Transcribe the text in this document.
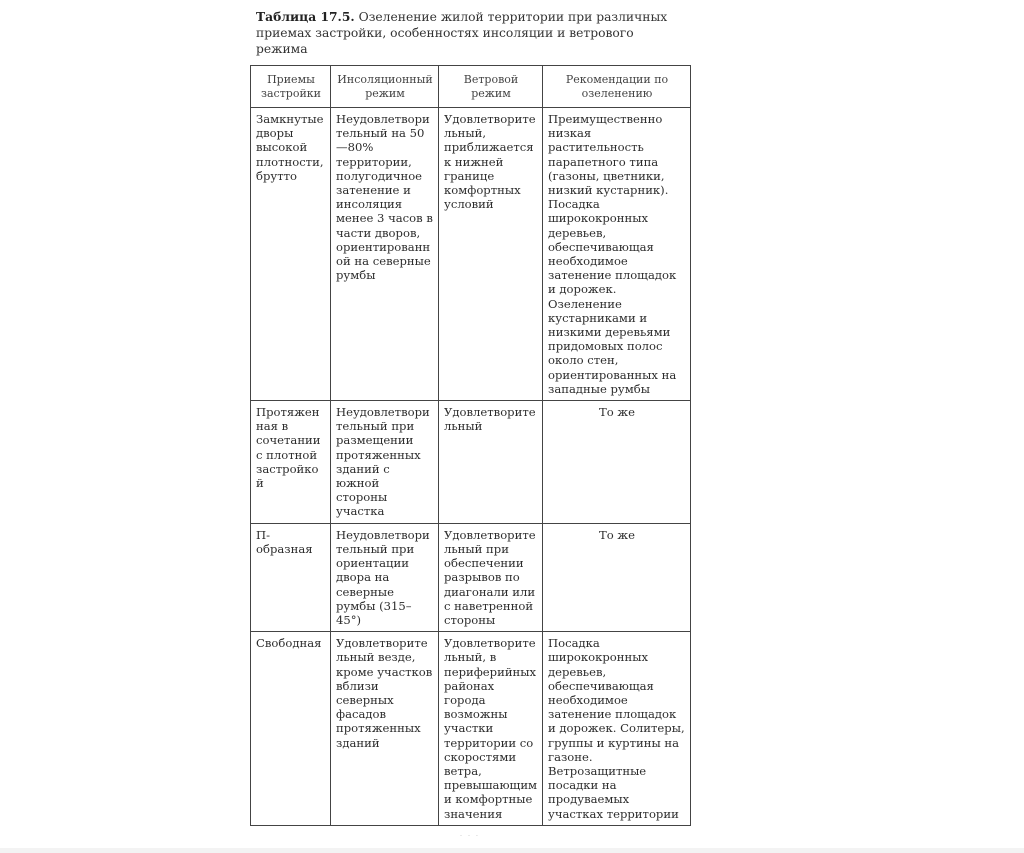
Таблица 17.5. Озеленение жилой территории при различных приемах застройки, особенностях инсоляции и ветрового режима
Приемы застройки	Инсоляционный режим	Ветровой режим	Рекомендации по озеленению
Замкнутые дворы высокой плотности, брутто	Неудовлетворительный на 50—80% территории, полугодичное затенение и инсоляция менее 3 часов в части дворов, ориентированной на северные румбы	Удовлетворительный, приближается к нижней границе комфортных условий	Преимущественно низкая растительность парапетного типа (газоны, цветники, низкий кустарник). Посадка ширококронных деревьев, обеспечивающая необходимое затенение площадок и дорожек. Озеленение кустарниками и низкими деревьями придомовых полос около стен, ориентированных на западные румбы
Протяженная в сочетании с плотной застройкой	Неудовлетворительный при размещении протяженных зданий с южной стороны участка	Удовлетворительный	То же
П-образная	Неудовлетворительный при ориентации двора на северные румбы (315–45°)	Удовлетворительный при обеспечении разрывов по диагонали или с наветренной стороны	То же
Свободная	Удовлетворительный везде, кроме участков вблизи северных фасадов протяженных зданий	Удовлетворительный, в периферийных районах города возможны участки территории со скоростями ветра, превышающими комфортные значения	Посадка ширококронных деревьев, обеспечивающая необходимое затенение площадок и дорожек. Солитеры, группы и куртины на газоне. Ветрозащитные посадки на продуваемых участках территории
- - -
